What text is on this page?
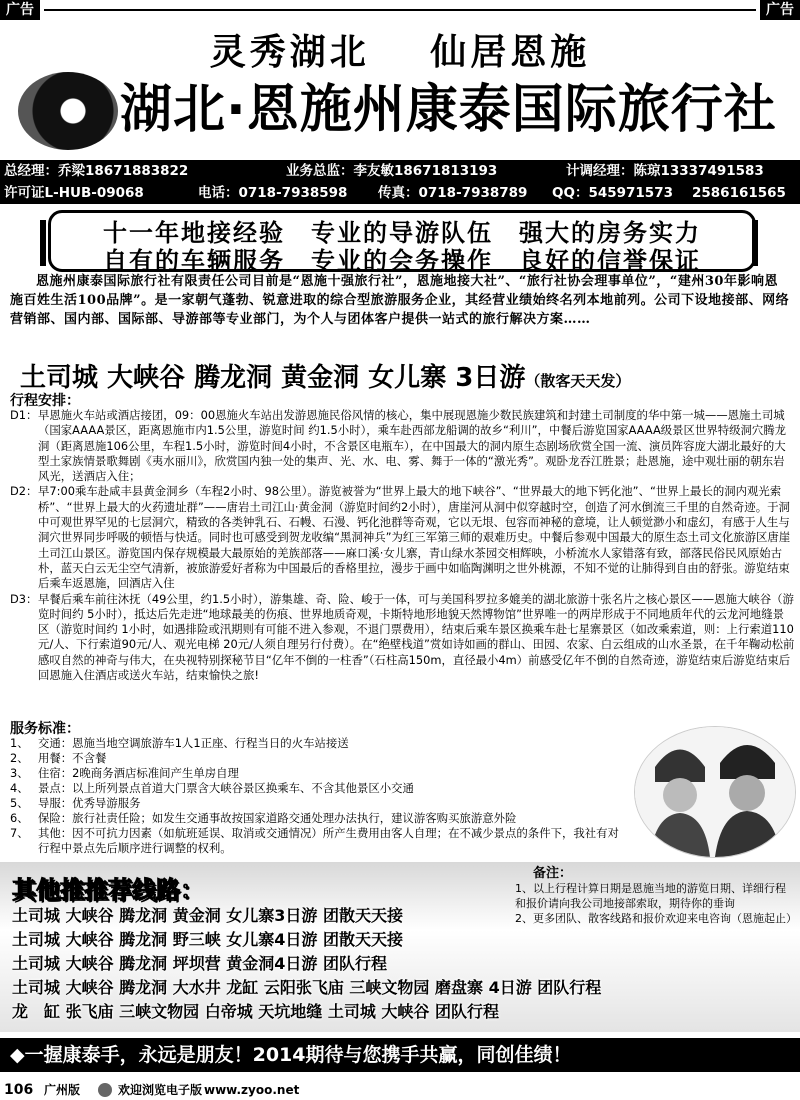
广告	广告
灵秀湖北 仙居恩施
湖北·恩施州康泰国际旅行社
总经理：乔梁18671883822	业务总监：李友敏18671813193	计调经理：陈琼13337491583
许可证L-HUB-09068	电话：0718-7938598 传真：0718-7938789 QQ：545971573 2586161565
十一年地接经验　专业的导游队伍　强大的房务实力
自有的车辆服务　专业的会务操作　良好的信誉保证
恩施州康泰国际旅行社有限责任公司目前是“恩施十强旅行社”，恩施地接大社”、“旅行社协会理事单位”，“建州30年影响恩施百姓生活100品牌”。是一家朝气蓬勃、锐意进取的综合型旅游服务企业，其经营业绩始终名列本地前列。公司下设地接部、网络营销部、国内部、国际部、导游部等专业部门，为个人与团体客户提供一站式的旅行解决方案……
土司城 大峡谷 腾龙洞 黄金洞 女儿寨 3日游（散客天天发）
行程安排：
D1： 早恩施火车站或酒店接团，09：00恩施火车站出发游恩施民俗风情的核心，集中展现恩施少数民族建筑和封建土司制度的华中第一城——恩施土司城（国家AAAA景区，距离恩施市内1.5公里，游览时间 约1.5小时），乘车赴西部龙船调的故乡“利川”，中餐后游览国家AAAA级景区世界特级洞穴腾龙洞（距离恩施106公里，车程1.5小时，游览时间4小时，不含景区电瓶车），在中国最大的洞内原生态剧场欣赏全国一流、演员阵容庞大湖北最好的大型土家族情景歌舞剧《夷水丽川》，欣赏国内独一处的集声、光、水、电、雾、舞于一体的“激光秀”。观卧龙吞江胜景；赴恩施，途中观壮丽的朝东岩风光，送酒店入住；
D2： 早7:00乘车赴咸丰县黄金洞乡（车程2小时、98公里）。游览被誉为“世界上最大的地下峡谷”、“世界最大的地下钙化池”、“世界上最长的洞内观光索桥”、“世界上最大的火药遗址群”——唐岩土司江山·黄金洞（游览时间约2小时），唐崖河从洞中似穿越时空，创造了河水倒流三千里的自然奇迹。于洞中可观世界罕见的七层洞穴，精致的各类钟乳石、石幔、石漫、钙化池群等奇观，它以无垠、包容而神秘的意境，让人顿觉渺小和虚幻，有感于人生与洞穴世界同步呼吸的顿悟与快适。同时也可感受到贺龙收编“黑洞神兵”为红三军第三师的艰难历史。中餐后参观中国最大的原生态土司文化旅游区唐崖土司江山景区。游览国内保存规模最大最原始的羌族部落——麻口溪·女儿寨，青山绿水茶园交相辉映，小桥流水人家错落有致，部落民俗民风原始古朴，蓝天白云无尘空气清新，被旅游爱好者称为中国最后的香格里拉，漫步于画中如临陶渊明之世外桃源，不知不觉的让肺得到自由的舒张。游览结束后乘车返恩施，回酒店入住
D3： 早餐后乘车前往沐抚（49公里，约1.5小时），游集雄、奇、险、峻于一体，可与美国科罗拉多媲美的湖北旅游十张名片之核心景区——恩施大峡谷（游览时间约 5小时），抵达后先走进“地球最美的伤痕、世界地质奇观，卡斯特地形地貌天然博物馆”世界唯一的两岸形成于不同地质年代的云龙河地缝景区（游览时间约 1小时，如遇排险或汛期则有可能不进入参观，不退门票费用），结束后乘车景区换乘车赴七星寨景区（如改乘索道，则：上行索道110元/人、下行索道90元/人、观光电梯 20元/人须自理另行付费）。在“绝壁栈道”赏如诗如画的群山、田园、农家、白云组成的山水圣景，在千年鞠动松前感叹自然的神奇与伟大，在央视特别探秘节目“亿年不倒的一柱香”（石柱高150m，直径最小4m）前感受亿年不倒的自然奇迹，游览结束后游览结束后回恩施入住酒店或送火车站，结束愉快之旅!
服务标准：
1、 交通：恩施当地空调旅游车1人1正座、行程当日的火车站接送
2、 用餐：不含餐
3、 住宿：2晚商务酒店标准间产生单房自理
4、 景点：以上所列景点首道大门票含大峡谷景区换乘车、不含其他景区小交通
5、 导服：优秀导游服务
6、 保险：旅行社责任险；如发生交通事故按国家道路交通处理办法执行，建议游客购买旅游意外险
7、 其他：因不可抗力因素（如航班延误、取消或交通情况）所产生费用由客人自理；在不减少景点的条件下，我社有对行程中景点先后顺序进行调整的权利。
其他推推荐线路：
土司城 大峡谷 腾龙洞 黄金洞 女儿寨3日游 团散天天接
土司城 大峡谷 腾龙洞 野三峡 女儿寨4日游 团散天天接
土司城 大峡谷 腾龙洞 坪坝营 黄金洞4日游 团队行程
土司城 大峡谷 腾龙洞 大水井 龙缸 云阳张飞庙 三峡文物园 磨盘寨 4日游 团队行程
龙　缸 张飞庙 三峡文物园 白帝城 天坑地缝 土司城 大峡谷 团队行程
备注：
1、以上行程计算日期是恩施当地的游览日期、详细行程和报价请向我公司地接部索取，期待你的垂询
2、更多团队、散客线路和报价欢迎来电咨询（恩施起止）
◆一握康泰手，永远是朋友！2014期待与您携手共赢，同创佳绩！
106 广州版	欢迎浏览电子版 www.zyoo.net
